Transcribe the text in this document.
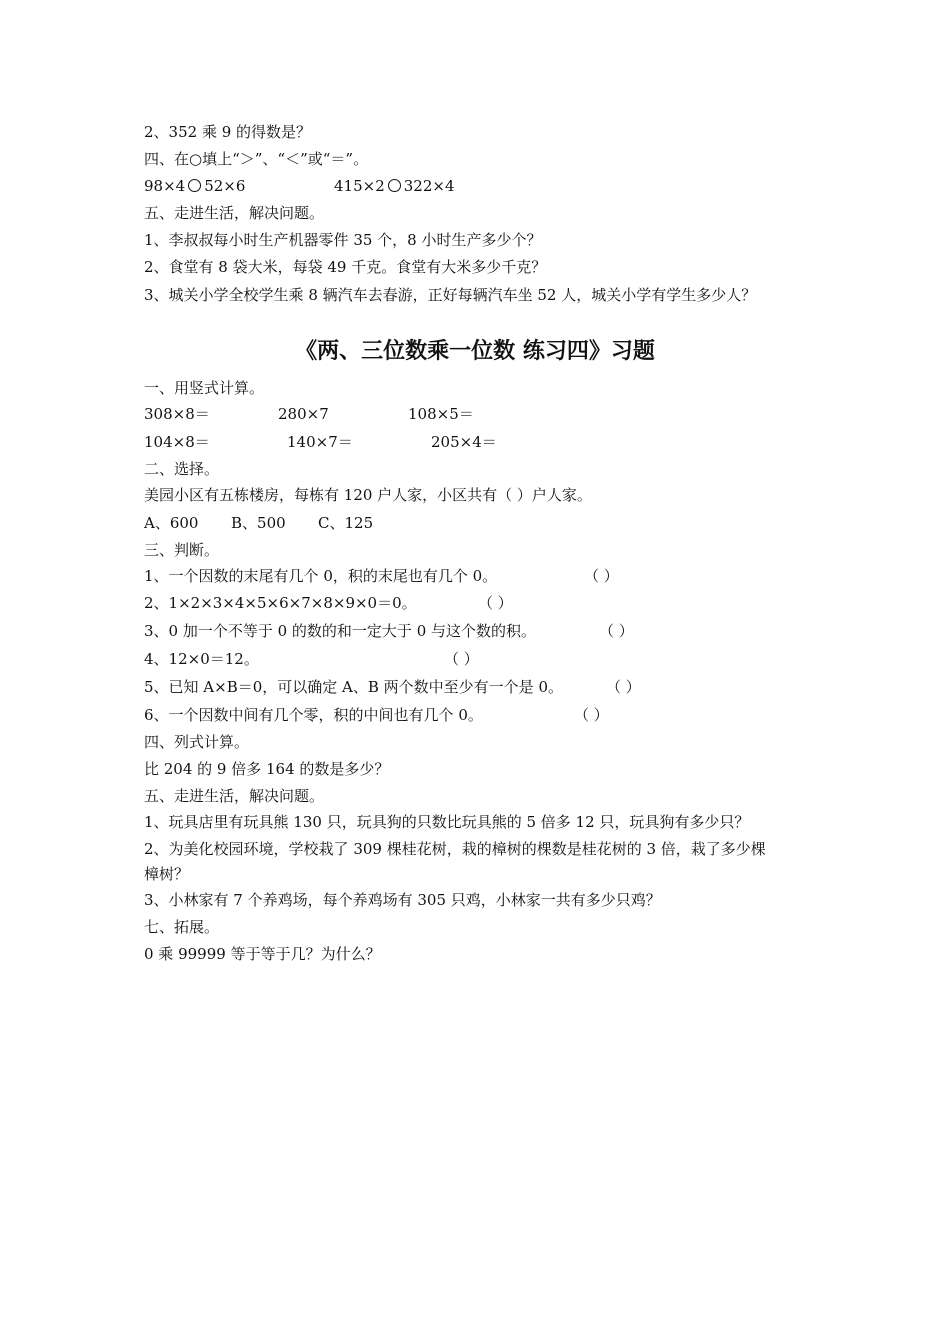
2、352 乘 9 的得数是？
四、在○填上“＞”、“＜”或“＝”。
98×4 52×6	415×2 322×4
五、走进生活，解决问题。
1、李叔叔每小时生产机器零件 35 个，8 小时生产多少个？
2、食堂有 8 袋大米，每袋 49 千克。食堂有大米多少千克？
3、城关小学全校学生乘 8 辆汽车去春游，正好每辆汽车坐 52 人，城关小学有学生多少人？
《两、三位数乘一位数 练习四》习题
一、用竖式计算。
308×8＝	280×7	108×5＝
104×8＝	140×7＝	205×4＝
二、选择。
美园小区有五栋楼房，每栋有 120 户人家，小区共有（ ）户人家。
A、600 B、500 C、125
三、判断。
1、一个因数的末尾有几个 0，积的末尾也有几个 0。	（ ）
2、1×2×3×4×5×6×7×8×9×0＝0。	（ ）
3、0 加一个不等于 0 的数的和一定大于 0 与这个数的积。	（ ）
4、12×0＝12。	（ ）
5、已知 A×B＝0，可以确定 A、B 两个数中至少有一个是 0。	（ ）
6、一个因数中间有几个零，积的中间也有几个 0。	（ ）
四、列式计算。
比 204 的 9 倍多 164 的数是多少？
五、走进生活，解决问题。
1、玩具店里有玩具熊 130 只，玩具狗的只数比玩具熊的 5 倍多 12 只，玩具狗有多少只？
2、为美化校园环境，学校栽了 309 棵桂花树，栽的樟树的棵数是桂花树的 3 倍，栽了多少棵
樟树？
3、小林家有 7 个养鸡场，每个养鸡场有 305 只鸡，小林家一共有多少只鸡？
七、拓展。
0 乘 99999 等于等于几？为什么？
